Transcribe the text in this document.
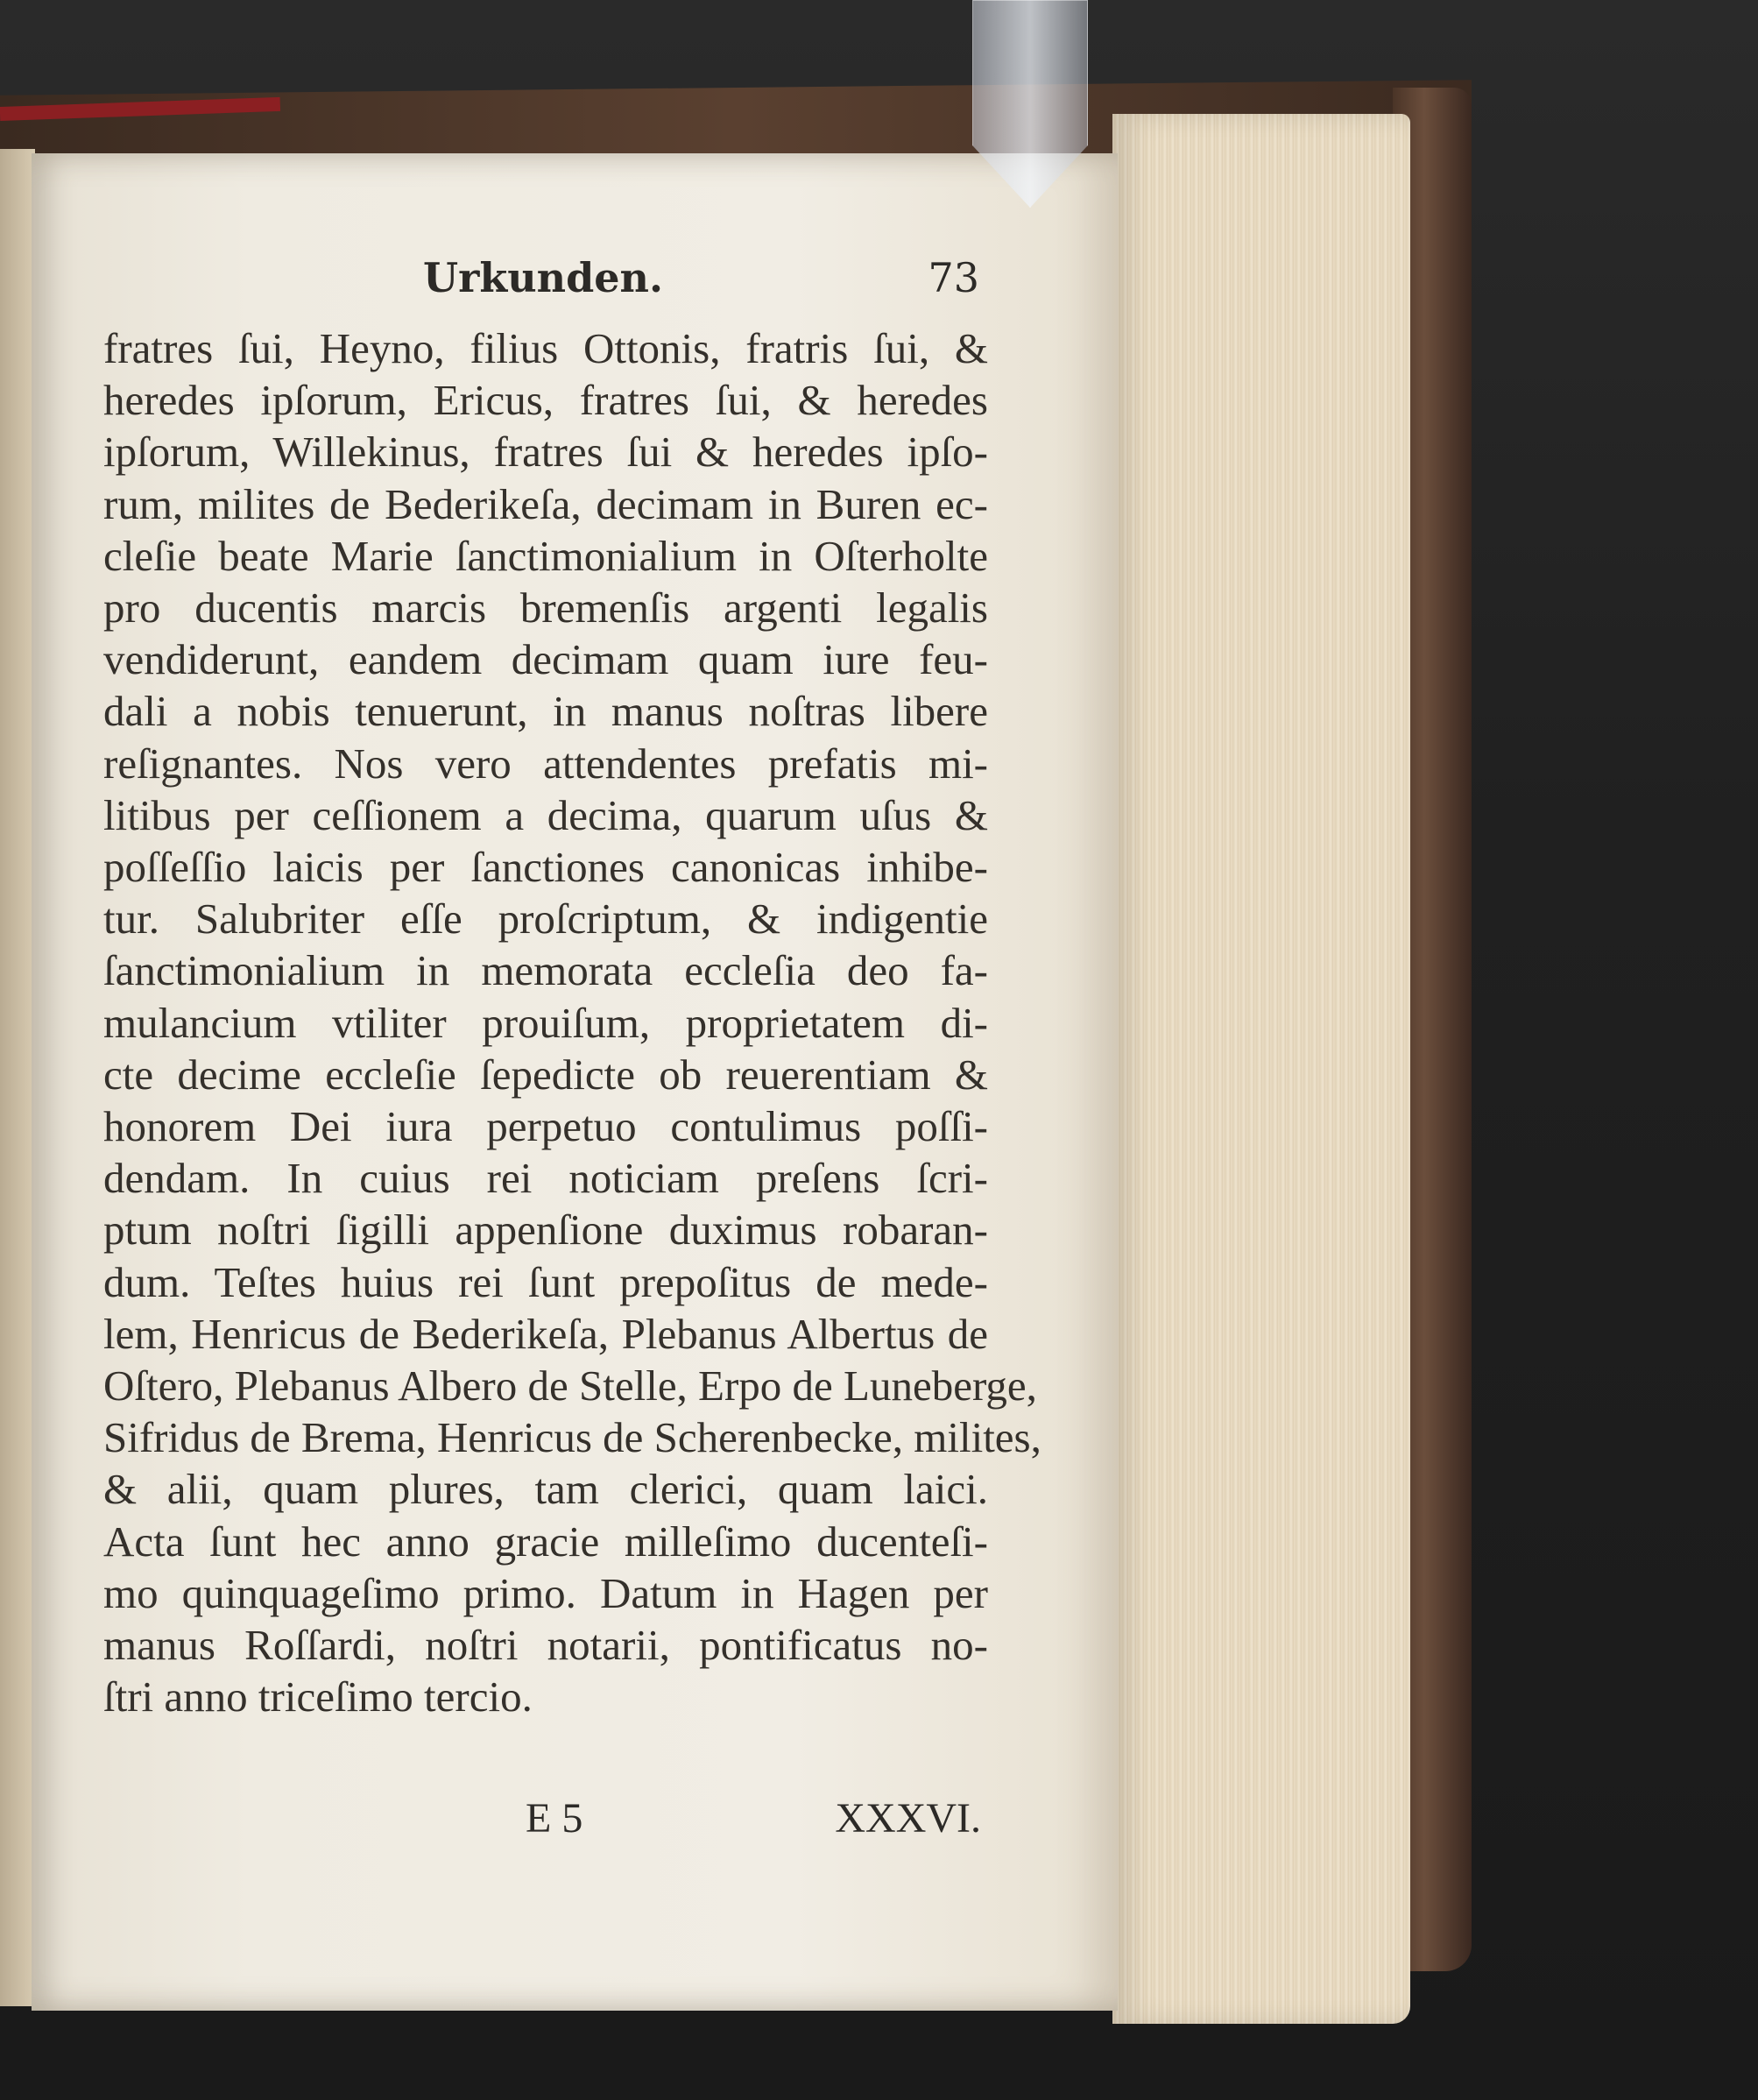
Urkunden.	73
fratres ſui, Heyno, filius Ottonis, fratris ſui, &
heredes ipſorum, Ericus, fratres ſui, & heredes
ipſorum, Willekinus, fratres ſui & heredes ipſo-
rum, milites de Bederikeſa, decimam in Buren ec-
cleſie beate Marie ſanctimonialium in Oſterholte
pro ducentis marcis bremenſis argenti legalis
vendiderunt, eandem decimam quam iure feu-
dali a nobis tenuerunt, in manus noſtras libere
reſignantes. Nos vero attendentes prefatis mi-
litibus per ceſſionem a decima, quarum uſus &
poſſeſſio laicis per ſanctiones canonicas inhibe-
tur. Salubriter eſſe proſcriptum, & indigentie
ſanctimonialium in memorata eccleſia deo fa-
mulancium vtiliter prouiſum, proprietatem di-
cte decime eccleſie ſepedicte ob reuerentiam &
honorem Dei iura perpetuo contulimus poſſi-
dendam. In cuius rei noticiam preſens ſcri-
ptum noſtri ſigilli appenſione duximus robaran-
dum. Teſtes huius rei ſunt prepoſitus de mede-
lem, Henricus de Bederikeſa, Plebanus Albertus de
Oſtero, Plebanus Albero de Stelle, Erpo de Luneberge,
Sifridus de Brema, Henricus de Scherenbecke, milites,
& alii, quam plures, tam clerici, quam laici.
Acta ſunt hec anno gracie milleſimo ducenteſi-
mo quinquageſimo primo. Datum in Hagen per
manus Roſſardi, noſtri notarii, pontificatus no-
ſtri anno triceſimo tercio.
E 5	XXXVI.
